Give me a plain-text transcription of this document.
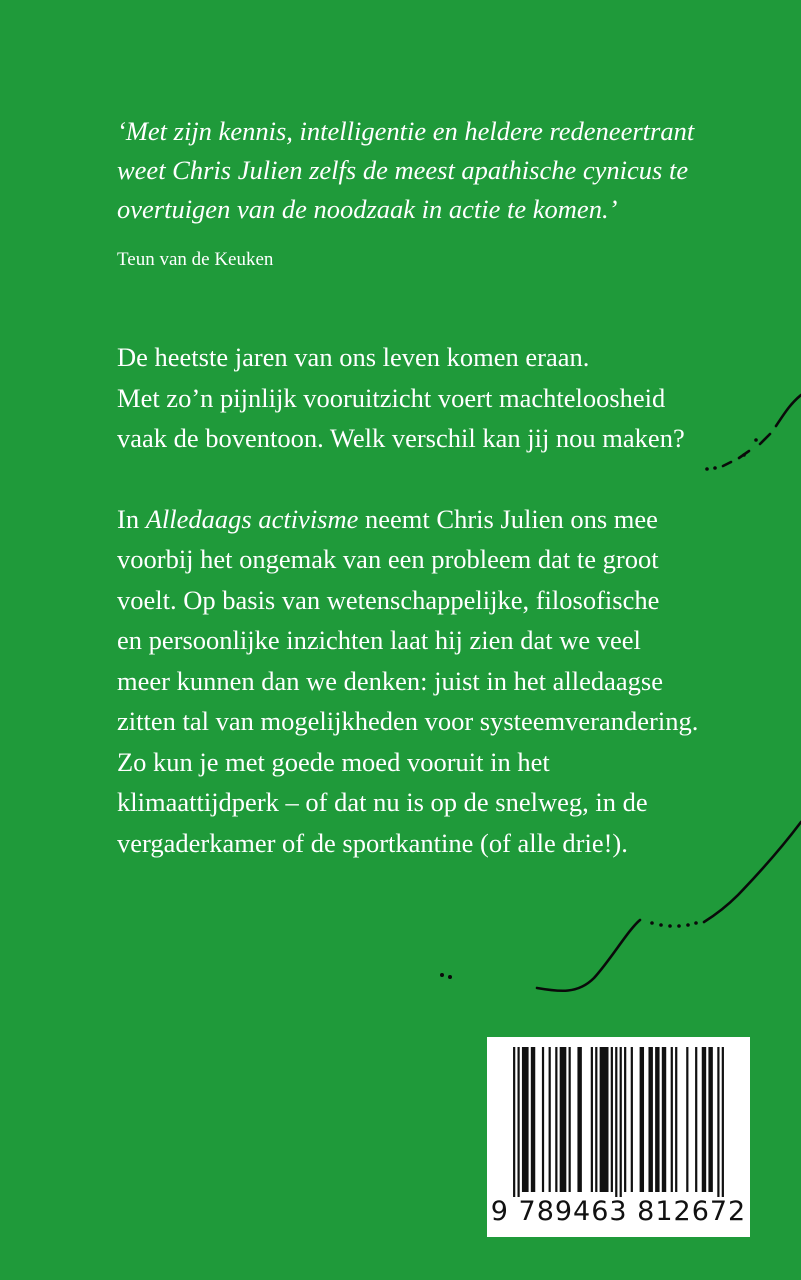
‘Met zijn kennis, intelligentie en heldere redeneertrant

weet Chris Julien zelfs de meest apathische cynicus te

overtuigen van de noodzaak in actie te komen.’

Teun van de Keuken

De heetste jaren van ons leven komen eraan.

Met zo’n pijnlijk vooruitzicht voert machteloosheid

vaak de boventoon. Welk verschil kan jij nou maken?

In Alledaags activisme neemt Chris Julien ons mee

voorbij het ongemak van een probleem dat te groot

voelt. Op basis van wetenschappelijke, filosofische

en persoonlijke inzichten laat hij zien dat we veel

meer kunnen dan we denken: juist in het alledaagse

zitten tal van mogelijkheden voor systeemverandering.

Zo kun je met goede moed vooruit in het

klimaattijdperk – of dat nu is op de snelweg, in de

vergaderkamer of de sportkantine (of alle drie!).

9 789463 812672
